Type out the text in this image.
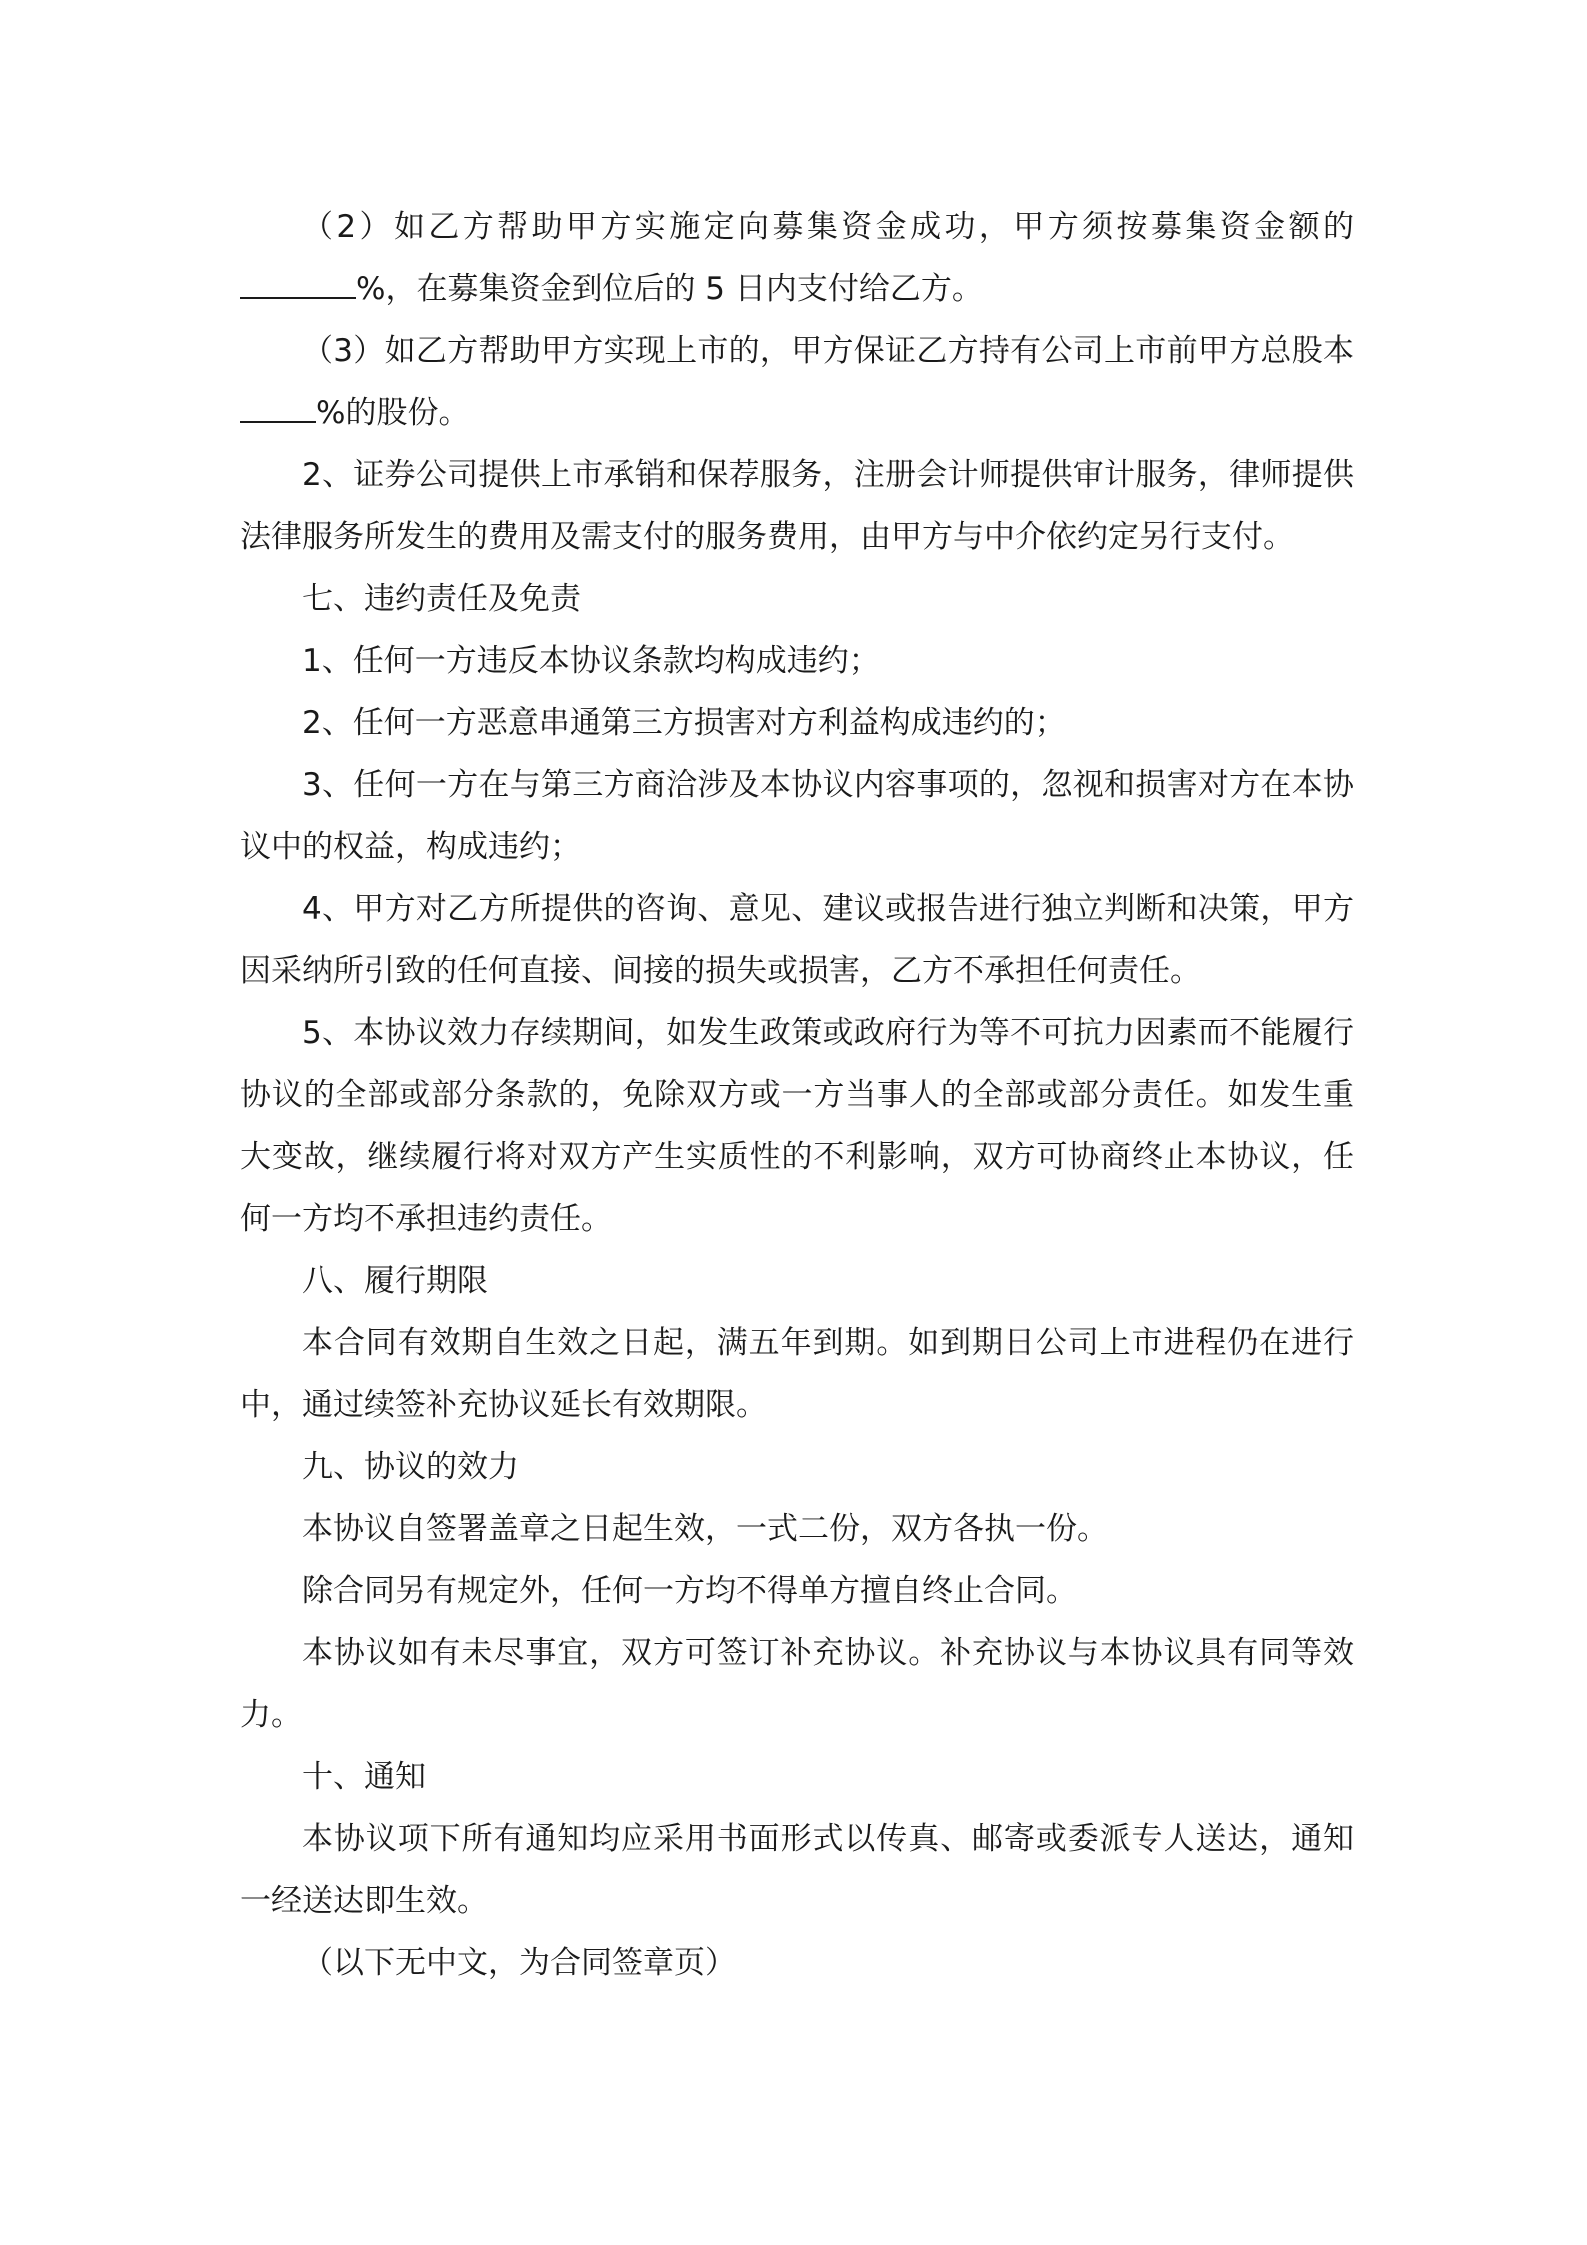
（2）如乙方帮助甲方实施定向募集资金成功，甲方须按募集资金额的%，在募集资金到位后的 5 日内支付给乙方。

（3）如乙方帮助甲方实现上市的，甲方保证乙方持有公司上市前甲方总股本%的股份。

2、证券公司提供上市承销和保荐服务，注册会计师提供审计服务，律师提供法律服务所发生的费用及需支付的服务费用，由甲方与中介依约定另行支付。

七、违约责任及免责

1、任何一方违反本协议条款均构成违约；

2、任何一方恶意串通第三方损害对方利益构成违约的；

3、任何一方在与第三方商洽涉及本协议内容事项的，忽视和损害对方在本协议中的权益，构成违约；

4、甲方对乙方所提供的咨询、意见、建议或报告进行独立判断和决策，甲方因采纳所引致的任何直接、间接的损失或损害，乙方不承担任何责任。

5、本协议效力存续期间，如发生政策或政府行为等不可抗力因素而不能履行协议的全部或部分条款的，免除双方或一方当事人的全部或部分责任。如发生重大变故，继续履行将对双方产生实质性的不利影响，双方可协商终止本协议，任何一方均不承担违约责任。

八、履行期限

本合同有效期自生效之日起，满五年到期。如到期日公司上市进程仍在进行中，通过续签补充协议延长有效期限。

九、协议的效力

本协议自签署盖章之日起生效，一式二份，双方各执一份。

除合同另有规定外，任何一方均不得单方擅自终止合同。

本协议如有未尽事宜，双方可签订补充协议。补充协议与本协议具有同等效力。

十、通知

本协议项下所有通知均应采用书面形式以传真、邮寄或委派专人送达，通知一经送达即生效。

（以下无中文，为合同签章页）
